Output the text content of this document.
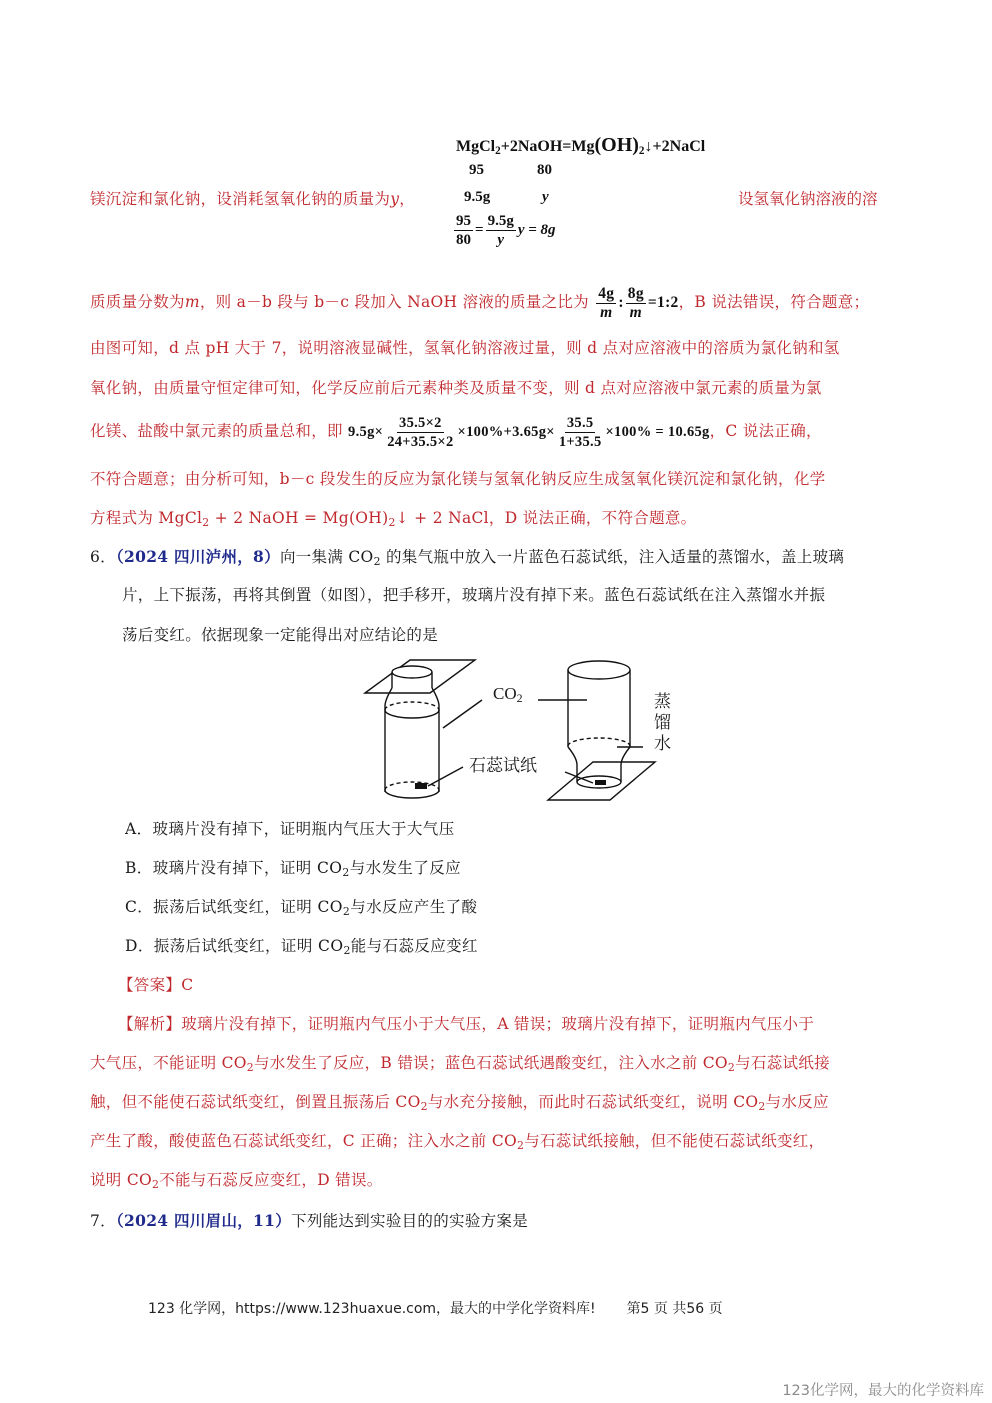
$MgCl_2+2NaOH=Mg(OH)_2↓+2NaCl$
95	80
镁沉淀和氯化钠，设消耗氢氧化钠的质量为y，	9.5g	y	设氢氧化钠溶液的溶
$\frac{95}{80} = \frac{9.5g}{y}$ y = 8g
质质量分数为m，则 a－b 段与 b－c 段加入 NaOH 溶液的质量之比为 $\frac{4g}{m}$ : $\frac{8g}{m}$ =1:2，B 说法错误，符合题意；
由图可知，d 点 pH 大于 7，说明溶液显碱性，氢氧化钠溶液过量，则 d 点对应溶液中的溶质为氯化钠和氢
氧化钠，由质量守恒定律可知，化学反应前后元素种类及质量不变，则 d 点对应溶液中氯元素的质量为氯
化镁、盐酸中氯元素的质量总和，即 $9.5g\times \frac{35.5\times 2}{24+35.5\times 2} \times 100\%+3.65g\times \frac{35.5}{1+35.5} \times 100\% = 10.65g$，C 说法正确，
不符合题意；由分析可知，b－c 段发生的反应为氯化镁与氢氧化钠反应生成氢氧化镁沉淀和氯化钠，化学
方程式为 MgCl$_2$ + 2 NaOH = $Mg(OH)_2↓ + 2$ NaCl，D 说法正确，不符合题意。
6．（2024 四川泸州，8）向一集满 $CO_2$ 的集气瓶中放入一片蓝色石蕊试纸，注入适量的蒸馏水，盖上玻璃
片，上下振荡，再将其倒置（如图），把手移开，玻璃片没有掉下来。蓝色石蕊试纸在注入蒸馏水并振
荡后变红。依据现象一定能得出对应结论的是
$CO_2$
石蕊试纸
蒸
馏
水
A．玻璃片没有掉下，证明瓶内气压大于大气压
B．玻璃片没有掉下，证明 $CO_2$与水发生了反应
C．振荡后试纸变红，证明 $CO_2$与水反应产生了酸
D．振荡后试纸变红，证明 $CO_2$能与石蕊反应变红
【答案】C
【解析】玻璃片没有掉下，证明瓶内气压小于大气压，A 错误；玻璃片没有掉下，证明瓶内气压小于
大气压，不能证明 $CO_2$与水发生了反应，B 错误；蓝色石蕊试纸遇酸变红，注入水之前 $CO_2$与石蕊试纸接
触，但不能使石蕊试纸变红，倒置且振荡后 $CO_2$与水充分接触，而此时石蕊试纸变红，说明 $CO_2$与水反应
产生了酸，酸使蓝色石蕊试纸变红，C 正确；注入水之前 $CO_2$与石蕊试纸接触，但不能使石蕊试纸变红，
说明 $CO_2$不能与石蕊反应变红，D 错误。
7．（2024 四川眉山，11）下列能达到实验目的的实验方案是
123 化学网，https://www.123huaxue.com，最大的中学化学资料库! 第5 页 共56 页
123化学网，最大的化学资料库
